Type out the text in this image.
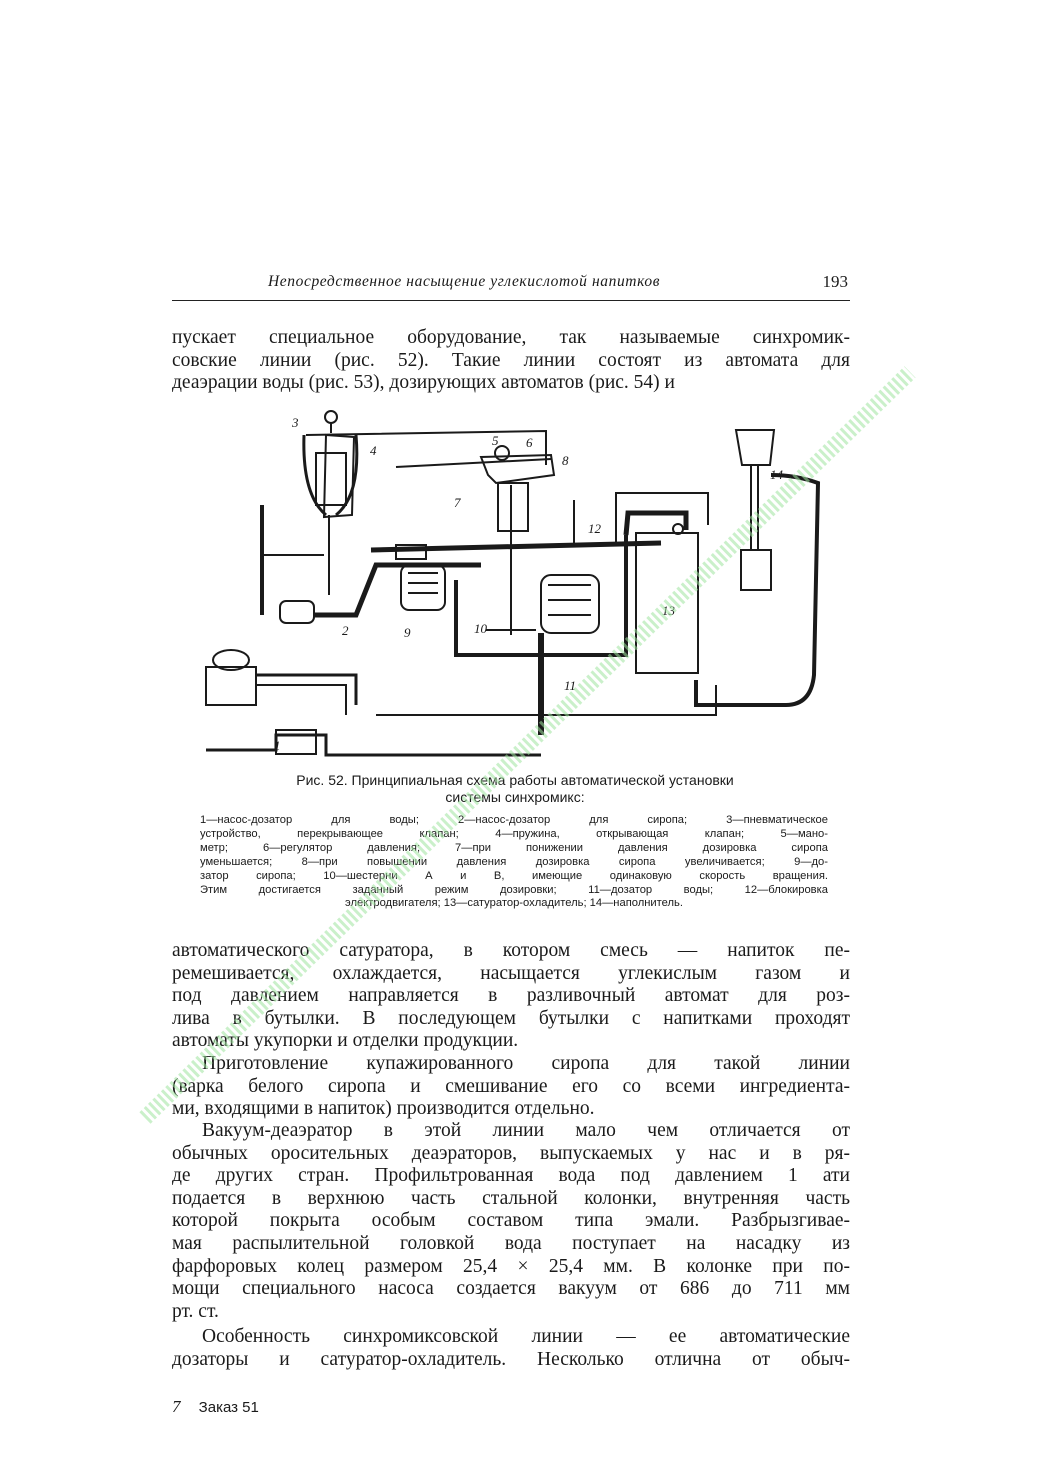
Непосредственное насыщение углекислотой напитков	193
пускает специальное оборудование, так называемые синхромик-
совские линии (рис. 52). Такие линии состоят из автомата для
деаэрации воды (рис. 53), дозирующих автоматов (рис. 54) и
1
2
3
4
5 6
7
8
9	10
11
12
13
14
Рис. 52. Принципиальная схема работы автоматической установки
системы синхромикс:
1—насос-дозатор для воды; 2—насос-дозатор для сиропа; 3—пневматическое
устройство, перекрывающее клапан; 4—пружина, открывающая клапан; 5—мано-
метр; 6—регулятор давления; 7—при понижении давления дозировка сиропа
уменьшается; 8—при повышении давления дозировка сиропа увеличивается; 9—до-
затор сиропа; 10—шестерни А и В, имеющие одинаковую скорость вращения.
Этим достигается заданный режим дозировки; 11—дозатор воды; 12—блокировка
электродвигателя; 13—сатуратор-охладитель; 14—наполнитель.
автоматического сатуратора, в котором смесь — напиток пе-
ремешивается, охлаждается, насыщается углекислым газом и
под давлением направляется в разливочный автомат для роз-
лива в бутылки. В последующем бутылки с напитками проходят
автоматы укупорки и отделки продукции.
Приготовление купажированного сиропа для такой линии
(варка белого сиропа и смешивание его со всеми ингредиента-
ми, входящими в напиток) производится отдельно.
Вакуум-деаэратор в этой линии мало чем отличается от
обычных оросительных деаэраторов, выпускаемых у нас и в ря-
де других стран. Профильтрованная вода под давлением 1 ати
подается в верхнюю часть стальной колонки, внутренняя часть
которой покрыта особым составом типа эмали. Разбрызгивае-
мая распылительной головкой вода поступает на насадку из
фарфоровых колец размером 25,4 × 25,4 мм. В колонке при по-
мощи специального насоса создается вакуум от 686 до 711 мм
рт. ст.
Особенность синхромиксовской линии — ее автоматические
дозаторы и сатуратор-охладитель. Несколько отлична от обыч-
7 Заказ 51
